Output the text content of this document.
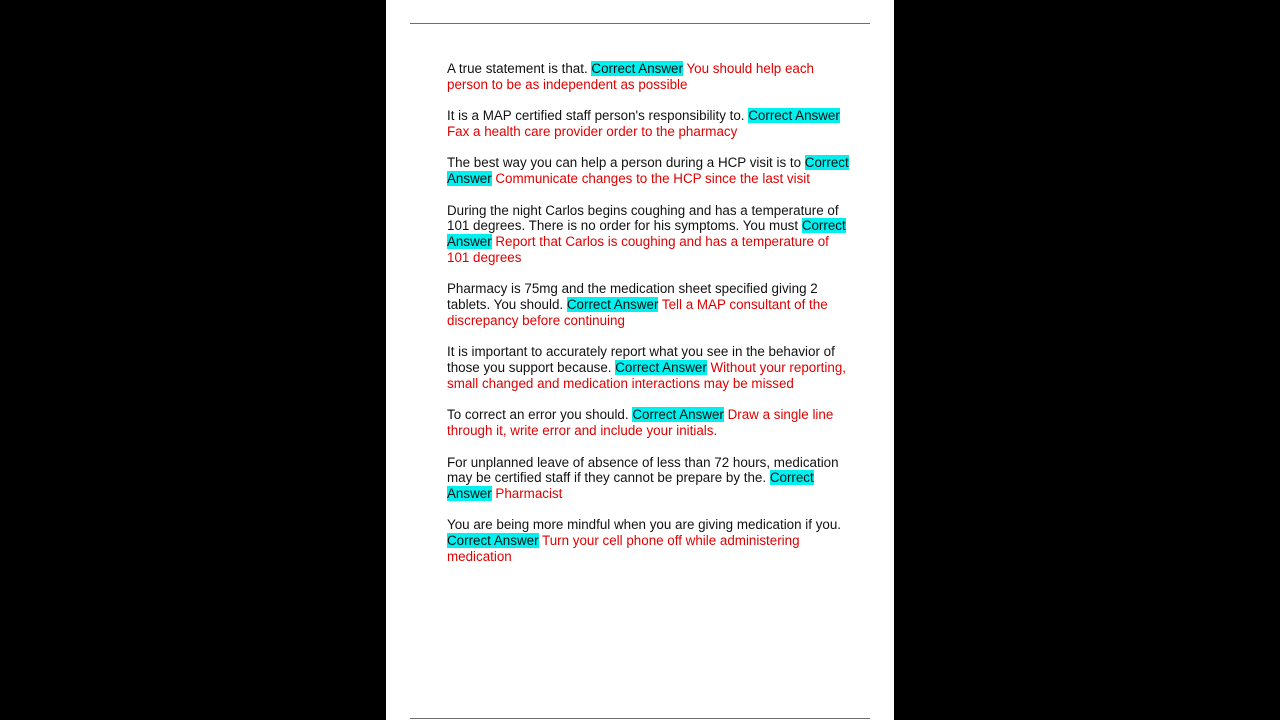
A true statement is that. Correct Answer You should help each person to be as independent as possible
It is a MAP certified staff person's responsibility to. Correct Answer Fax a health care provider order to the pharmacy
The best way you can help a person during a HCP visit is to Correct Answer Communicate changes to the HCP since the last visit
During the night Carlos begins coughing and has a temperature of 101 degrees. There is no order for his symptoms. You must Correct Answer Report that Carlos is coughing and has a temperature of 101 degrees
Pharmacy is 75mg and the medication sheet specified giving 2 tablets. You should. Correct Answer Tell a MAP consultant of the discrepancy before continuing
It is important to accurately report what you see in the behavior of those you support because. Correct Answer Without your reporting, small changed and medication interactions may be missed
To correct an error you should. Correct Answer Draw a single line through it, write error and include your initials.
For unplanned leave of absence of less than 72 hours, medication may be certified staff if they cannot be prepare by the. Correct Answer Pharmacist
You are being more mindful when you are giving medication if you. Correct Answer Turn your cell phone off while administering medication
